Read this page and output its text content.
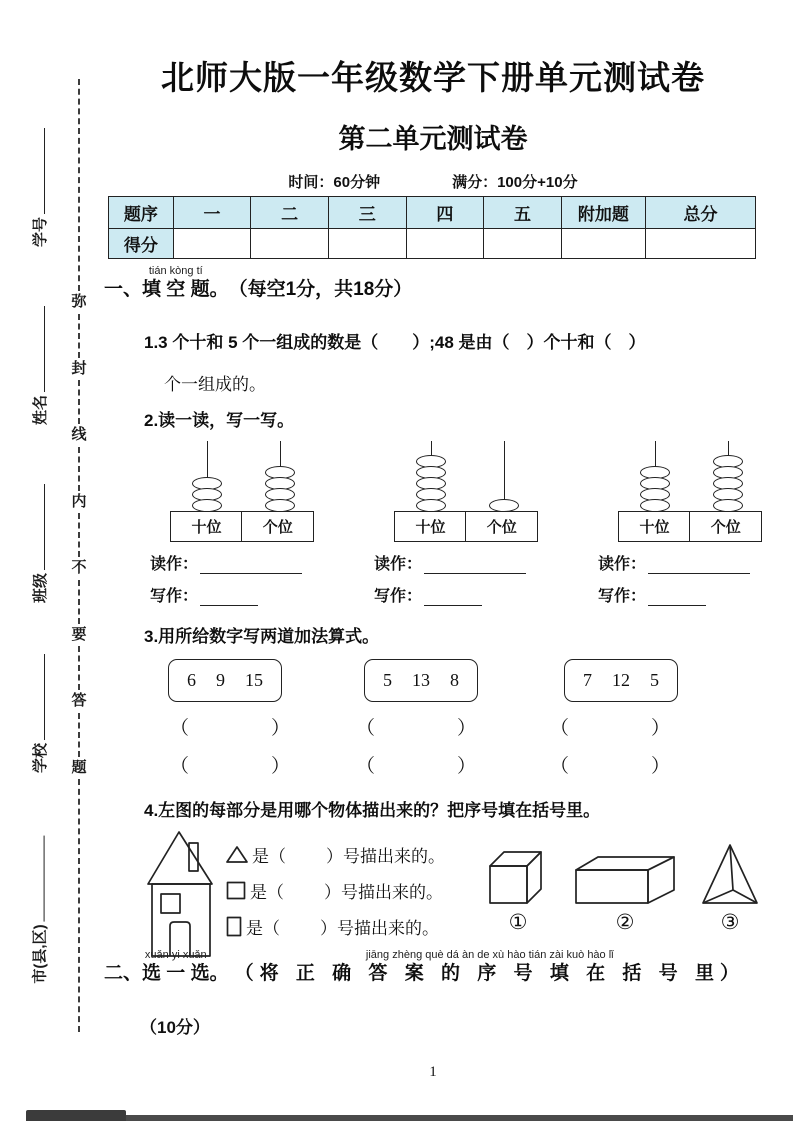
学号
姓名
班级
学校
市(县,区)
弥
封
线
内
不
要
答
题
北师大版一年级数学下册单元测试卷
第二单元测试卷
时间：60分钟	满分：100分+10分
题序	一	二	三	四	五	附加题	总分
得分							
一、
tián kòng tí
填 空 题 。 （每空1分，共18分）
1.3 个十和 5 个一组成的数是（　　）;48 是由（　）个十和（　）
个一组成的。
2.读一读，写一写。
十位	个位
读作：
写作：
十位	个位
读作：
写作：
十位	个位
读作：
写作：
3.用所给数字写两道加法算式。
6 9 15	5 13 8	7 12 5
（	）	（	）	（	）
（	）	（	）	（	）
4.左图的每部分是用哪个物体描出来的？把序号填在括号里。
是（ ）号描出来的。
是（ ）号描出来的。
是（ ）号描出来的。	①	②	③
二、
xuǎn yi xuǎn
选 一 选 。
jiāng zhèng què dá àn de xù hào tián zài kuò hào lǐ
（将 正 确 答 案 的 序 号 填 在 括 号 里）
（10分）
1
